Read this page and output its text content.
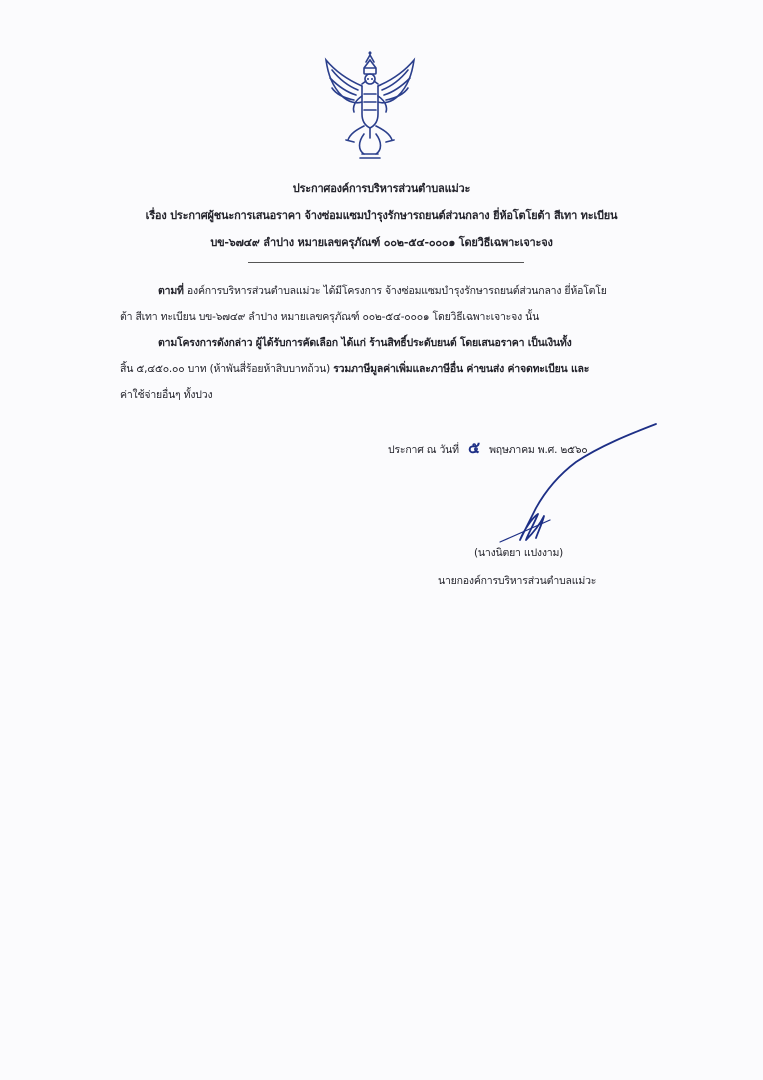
ประกาศองค์การบริหารส่วนตำบลแม่วะ
เรื่อง ประกาศผู้ชนะการเสนอราคา จ้างซ่อมแซมบำรุงรักษารถยนต์ส่วนกลาง ยี่ห้อโตโยต้า สีเทา ทะเบียน
บข-๖๗๔๙ ลำปาง หมายเลขครุภัณฑ์ ๐๐๒-๕๔-๐๐๐๑ โดยวิธีเฉพาะเจาะจง
ตามที่ องค์การบริหารส่วนตำบลแม่วะ ได้มีโครงการ จ้างซ่อมแซมบำรุงรักษารถยนต์ส่วนกลาง ยี่ห้อโตโย
ต้า สีเทา ทะเบียน บข-๖๗๔๙ ลำปาง หมายเลขครุภัณฑ์ ๐๐๒-๕๔-๐๐๐๑ โดยวิธีเฉพาะเจาะจง นั้น
ตามโครงการดังกล่าว ผู้ได้รับการคัดเลือก ได้แก่ ร้านสิทธิ์ประดับยนต์ โดยเสนอราคา เป็นเงินทั้ง
สิ้น ๕,๔๕๐.๐๐ บาท (ห้าพันสี่ร้อยห้าสิบบาทถ้วน) รวมภาษีมูลค่าเพิ่มและภาษีอื่น ค่าขนส่ง ค่าจดทะเบียน และ
ค่าใช้จ่ายอื่นๆ ทั้งปวง
ประกาศ ณ วันที่ ๕ พฤษภาคม พ.ศ. ๒๕๖๐
(นางนิตยา แปงงาม)
นายกองค์การบริหารส่วนตำบลแม่วะ
